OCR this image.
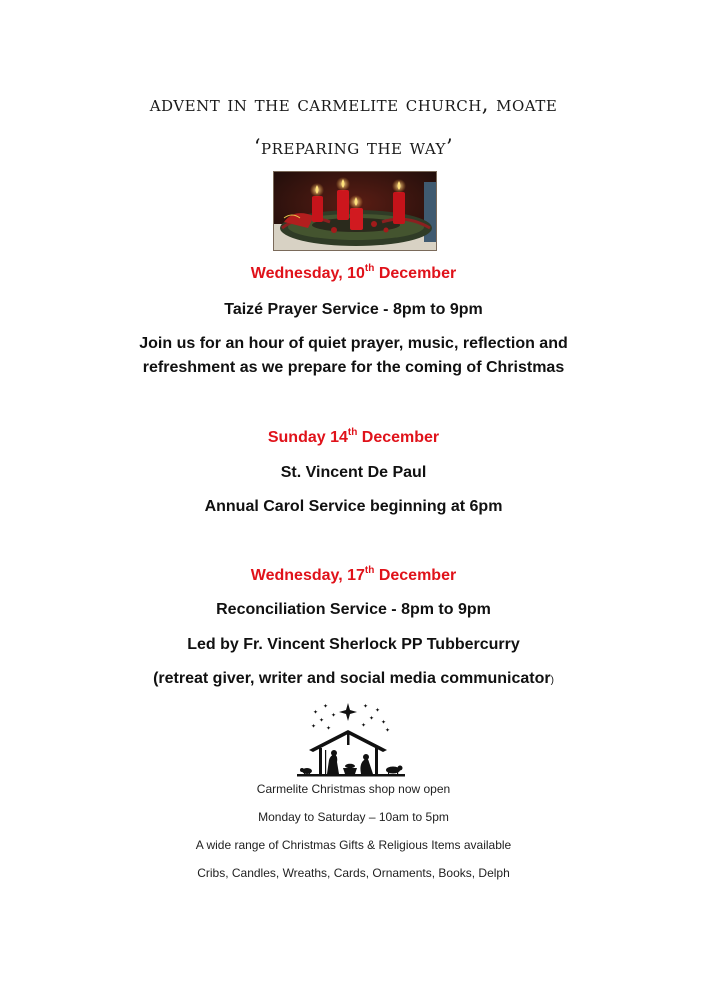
advent in the carmelite church, moate
‘preparing the way’
Wednesday, 10th December
Taizé Prayer Service - 8pm to 9pm
Join us for an hour of quiet prayer, music, reflection and
refreshment as we prepare for the coming of Christmas
Sunday 14th December
St. Vincent De Paul
Annual Carol Service beginning at 6pm
Wednesday, 17th December
Reconciliation Service - 8pm to 9pm
Led by Fr. Vincent Sherlock PP Tubbercurry
(retreat giver, writer and social media communicator)
✦
✦
✦
✦
✦
✦
✦
✦
✦
✦
✦
✦
Carmelite Christmas shop now open
Monday to Saturday – 10am to 5pm
A wide range of Christmas Gifts & Religious Items available
Cribs, Candles, Wreaths, Cards, Ornaments, Books, Delph
